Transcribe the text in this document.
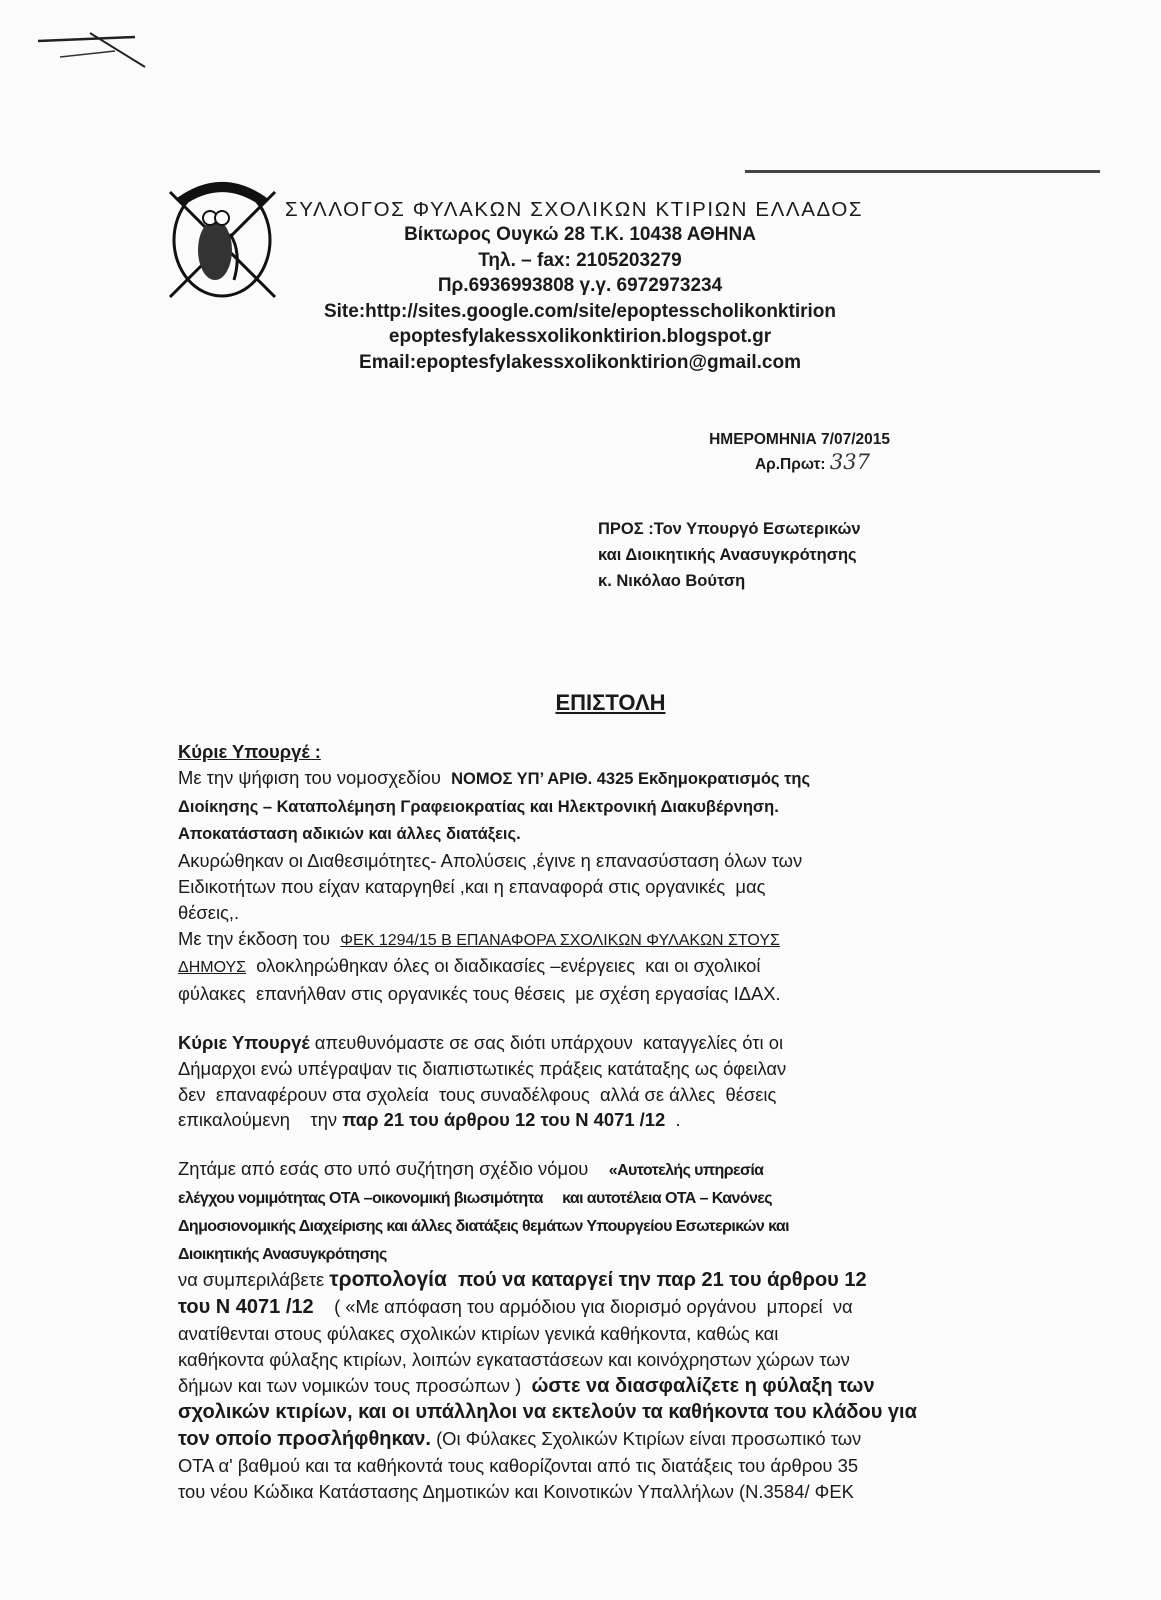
ΣΥΛΛΟΓΟΣ ΦΥΛΑΚΩΝ ΣΧΟΛΙΚΩΝ ΚΤΙΡΙΩΝ ΕΛΛΑΔΟΣ
Βίκτωρος Ουγκώ 28 Τ.Κ. 10438 ΑΘΗΝΑ
Τηλ. – fax: 2105203279
Πρ.6936993808 γ.γ. 6972973234
Site:http://sites.google.com/site/epoptesscholikonktirion
epoptesfylakessxolikonktirion.blogspot.gr
Email:epoptesfylakessxolikonktirion@gmail.com
ΗΜΕΡΟΜΗΝΙΑ 7/07/2015
Αρ.Πρωτ: 337
ΠΡΟΣ :Τον Υπουργό Εσωτερικών
και Διοικητικής Ανασυγκρότησης
κ. Νικόλαο Βούτση
ΕΠΙΣΤΟΛΗ
Κύριε Υπουργέ :
Με την ψήφιση του νομοσχεδίου  ΝΟΜΟΣ ΥΠ’ ΑΡΙΘ. 4325 Εκδημοκρατισμός της
Διοίκησης – Καταπολέμηση Γραφειοκρατίας και Ηλεκτρονική Διακυβέρνηση.
Αποκατάσταση αδικιών και άλλες διατάξεις.
Ακυρώθηκαν οι Διαθεσιμότητες- Απολύσεις ,έγινε η επανασύσταση όλων των
Ειδικοτήτων που είχαν καταργηθεί ,και η επαναφορά στις οργανικές  μας
θέσεις,.
Με την έκδοση του  ΦΕΚ 1294/15 Β ΕΠΑΝΑΦΟΡΑ ΣΧΟΛΙΚΩΝ ΦΥΛΑΚΩΝ ΣΤΟΥΣ
ΔΗΜΟΥΣ  ολοκληρώθηκαν όλες οι διαδικασίες –ενέργειες  και οι σχολικοί
φύλακες  επανήλθαν στις οργανικές τους θέσεις  με σχέση εργασίας ΙΔΑΧ.
Κύριε Υπουργέ απευθυνόμαστε σε σας διότι υπάρχουν  καταγγελίες ότι οι
Δήμαρχοι ενώ υπέγραψαν τις διαπιστωτικές πράξεις κατάταξης ως όφειλαν
δεν  επαναφέρουν στα σχολεία  τους συναδέλφους  αλλά σε άλλες  θέσεις
επικαλούμενη    την παρ 21 του άρθρου 12 του Ν 4071 /12  .
Ζητάμε από εσάς στο υπό συζήτηση σχέδιο νόμου    «Αυτοτελής υπηρεσία
ελέγχου νομιμότητας ΟΤΑ –οικονομική βιωσιμότητα     και αυτοτέλεια ΟΤΑ – Κανόνες
Δημοσιονομικής Διαχείρισης και άλλες διατάξεις θεμάτων Υπουργείου Εσωτερικών και
Διοικητικής Ανασυγκρότησης
να συμπεριλάβετε τροπολογία  πού να καταργεί την παρ 21 του άρθρου 12
του Ν 4071 /12    ( «Με απόφαση του αρμόδιου για διορισμό οργάνου  μπορεί  να
ανατίθενται στους φύλακες σχολικών κτιρίων γενικά καθήκοντα, καθώς και
καθήκοντα φύλαξης κτιρίων, λοιπών εγκαταστάσεων και κοινόχρηστων χώρων των
δήμων και των νομικών τους προσώπων )  ώστε να διασφαλίζετε η φύλαξη των
σχολικών κτιρίων, και οι υπάλληλοι να εκτελούν τα καθήκοντα του κλάδου για
τον οποίο προσλήφθηκαν. (Οι Φύλακες Σχολικών Κτιρίων είναι προσωπικό των
ΟΤΑ α' βαθμού και τα καθήκοντά τους καθορίζονται από τις διατάξεις του άρθρου 35
του νέου Κώδικα Κατάστασης Δημοτικών και Κοινοτικών Υπαλλήλων (Ν.3584/ ΦΕΚ
